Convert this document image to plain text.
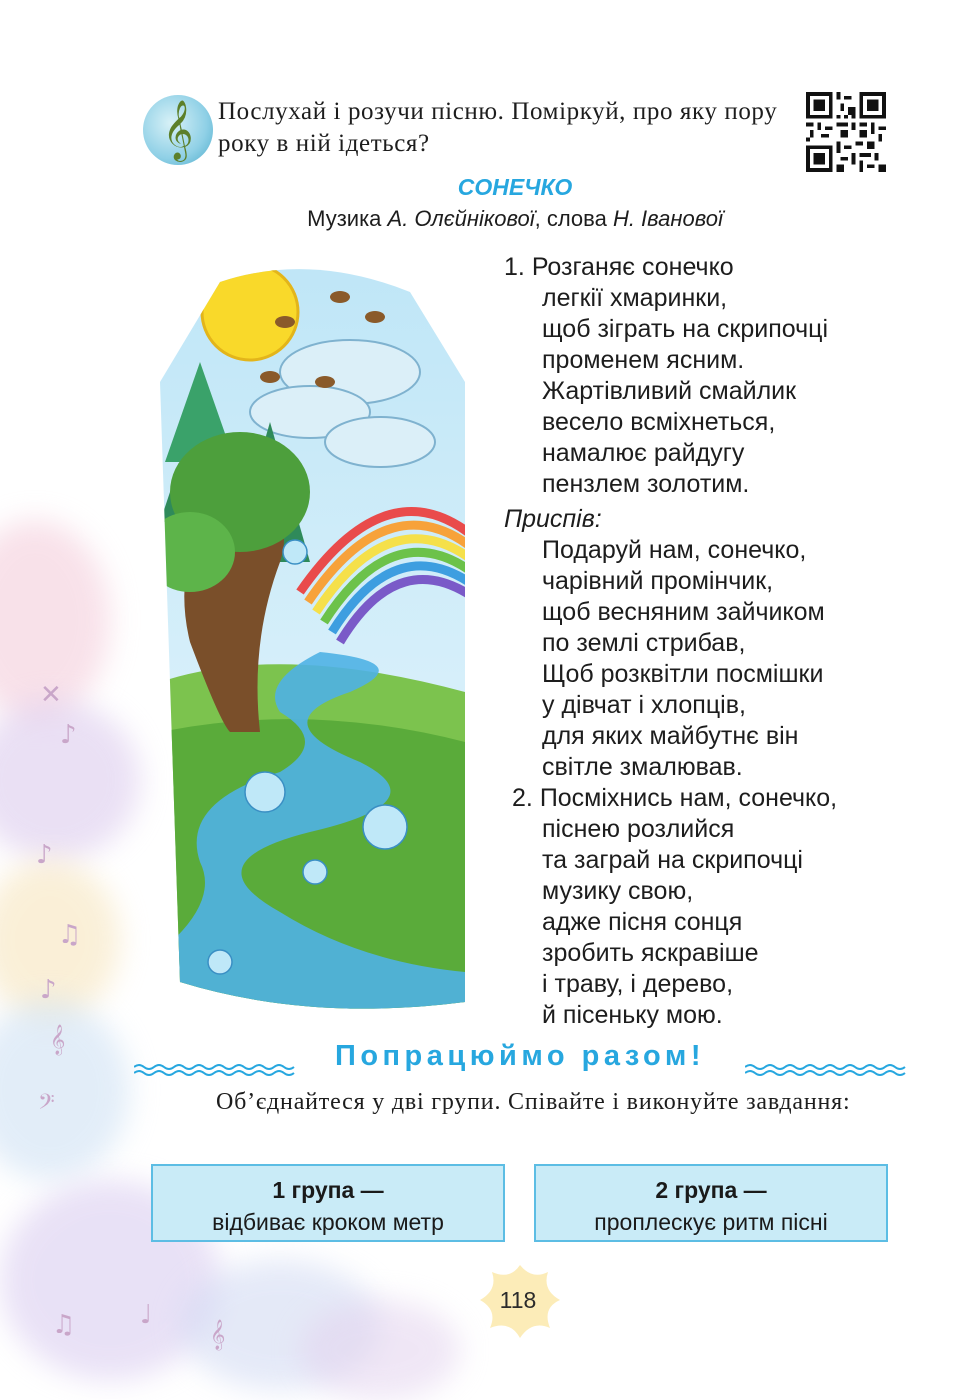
✕
♪
♪
♫
♪
𝄞
𝄢
♫ ♩
𝄞
𝄞 Послухай і розучи пісню. Поміркуй, про яку пору року в ній ідеться?
СОНЕЧКО
Музика А. Олєйнікової, слова Н. Іванової
1. Розганяє сонечко
легкії хмаринки,
щоб зіграть на скрипочці
променем ясним.
Жартівливий смайлик
весело всміхнеться,
намалює райдугу
пензлем золотим.
Приспів:
Подаруй нам, сонечко,
чарівний промінчик,
щоб весняним зайчиком
по землі стрибав,
Щоб розквітли посмішки
у дівчат і хлопців,
для яких майбутнє він
світле змалював.
2. Посміхнись нам, сонечко,
піснею розлийся
та заграй на скрипочці
музику свою,
адже пісня сонця
зробить яскравіше
і траву, і дерево,
й пісеньку мою.
Попрацюймо разом!
Об’єднайтеся у дві групи. Співайте і виконуйте завдання:
1 група —
відбиває кроком метр
2 група —
проплескує ритм пісні
118
